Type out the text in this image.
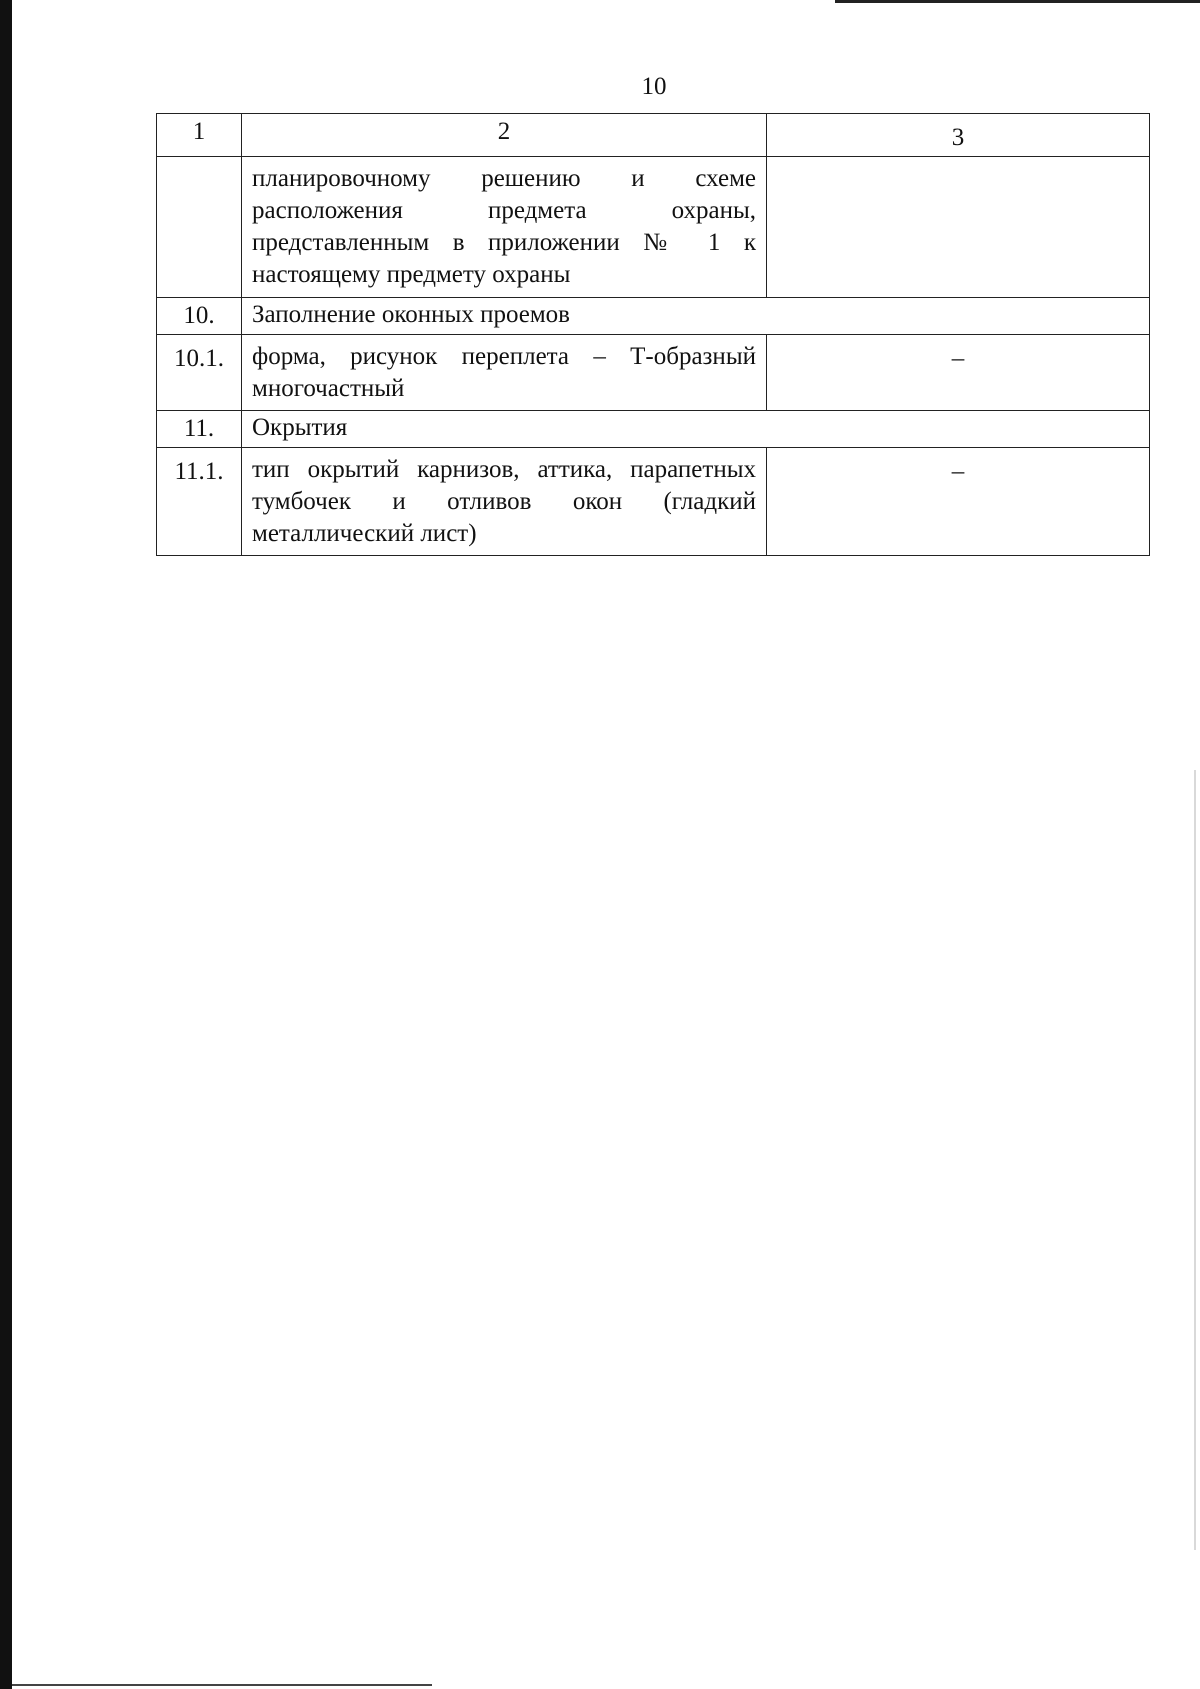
10
1	2	3
	планировочному решению и схеме расположения предмета охраны, представленным в приложении № 1 к настоящему предмету охраны	
10.	Заполнение оконных проемов	
10.1.	форма, рисунок переплета – Т-образный многочастный	–
11.	Окрытия	
11.1.	тип окрытий карнизов, аттика, парапетных тумбочек и отливов окон (гладкий металлический лист)	–
